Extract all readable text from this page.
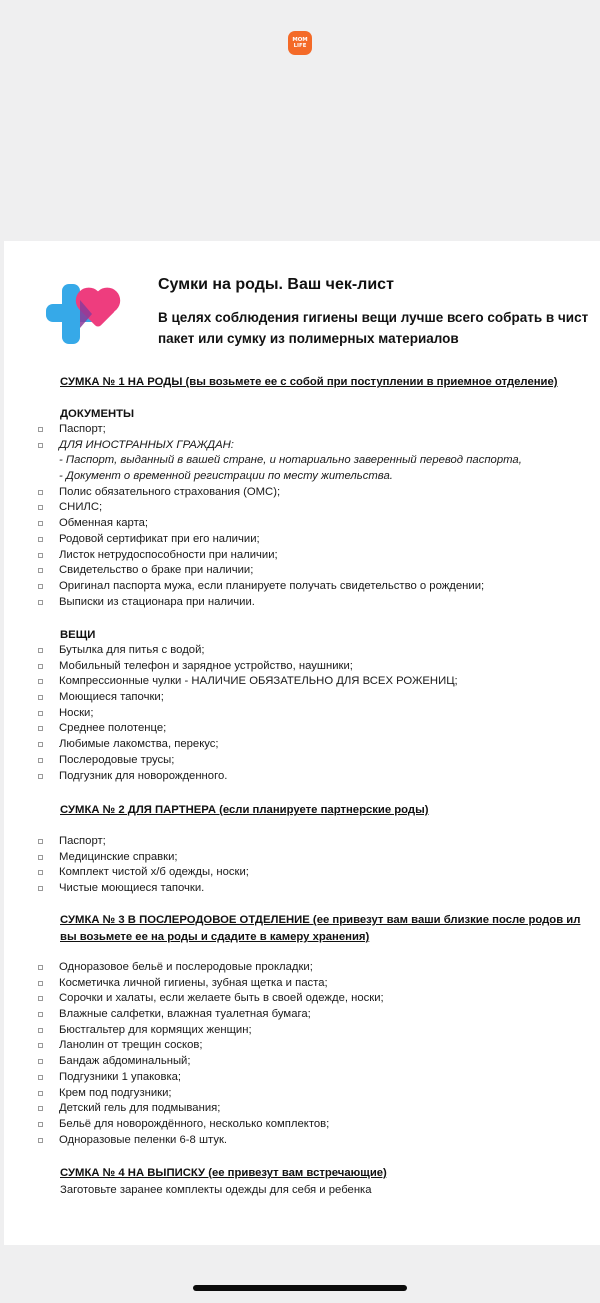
MOM
LIFE
Сумки на роды. Ваш чек-лист
В целях соблюдения гигиены вещи лучше всего собрать в чист
пакет или сумку из полимерных материалов
СУМКА № 1 НА РОДЫ (вы возьмете ее с собой при поступлении в приемное отделение)
ДОКУМЕНТЫ
Паспорт;
ДЛЯ ИНОСТРАННЫХ ГРАЖДАН:
- Паспорт, выданный в вашей стране, и нотариально заверенный перевод паспорта,
- Документ о временной регистрации по месту жительства.
Полис обязательного страхования (ОМС);
СНИЛС;
Обменная карта;
Родовой сертификат при его наличии;
Листок нетрудоспособности при наличии;
Свидетельство о браке при наличии;
Оригинал паспорта мужа, если планируете получать свидетельство о рождении;
Выписки из стационара при наличии.
ВЕЩИ
Бутылка для питья с водой;
Мобильный телефон и зарядное устройство, наушники;
Компрессионные чулки - НАЛИЧИЕ ОБЯЗАТЕЛЬНО ДЛЯ ВСЕХ РОЖЕНИЦ;
Моющиеся тапочки;
Носки;
Среднее полотенце;
Любимые лакомства, перекус;
Послеродовые трусы;
Подгузник для новорожденного.
СУМКА № 2 ДЛЯ ПАРТНЕРА (если планируете партнерские роды)
Паспорт;
Медицинские справки;
Комплект чистой х/б одежды, носки;
Чистые моющиеся тапочки.
СУМКА № 3 В ПОСЛЕРОДОВОЕ ОТДЕЛЕНИЕ (ее привезут вам ваши близкие после родов ил
вы возьмете ее на роды и сдадите в камеру хранения)
Одноразовое бельё и послеродовые прокладки;
Косметичка личной гигиены, зубная щетка и паста;
Сорочки и халаты, если желаете быть в своей одежде, носки;
Влажные салфетки, влажная туалетная бумага;
Бюстгальтер для кормящих женщин;
Ланолин от трещин сосков;
Бандаж абдоминальный;
Подгузники 1 упаковка;
Крем под подгузники;
Детский гель для подмывания;
Бельё для новорождённого, несколько комплектов;
Одноразовые пеленки 6-8 штук.
СУМКА № 4 НА ВЫПИСКУ (ее привезут вам встречающие)
Заготовьте заранее комплекты одежды для себя и ребенка
